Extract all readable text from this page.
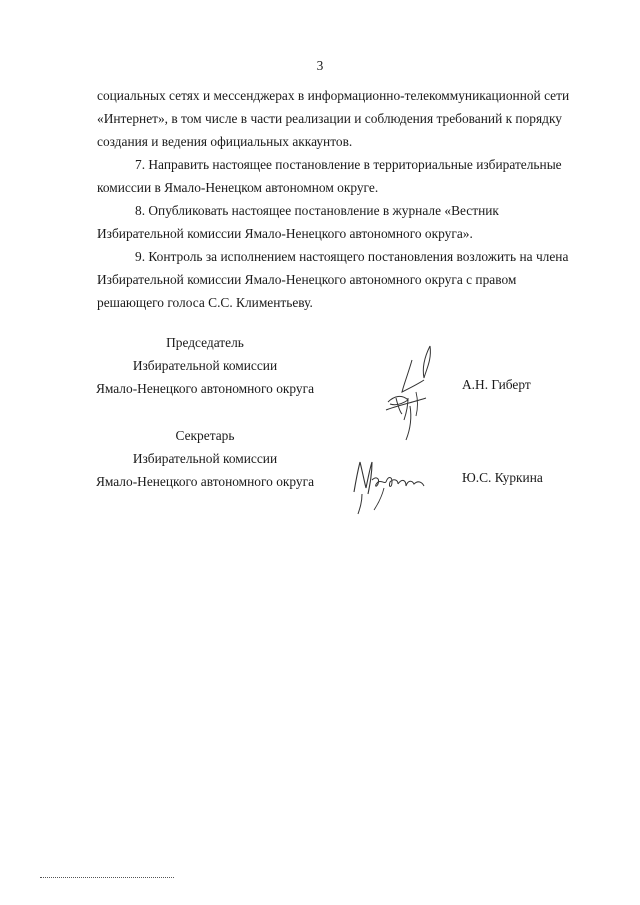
3

социальных сетях и мессенджерах в информационно-телекоммуникационной сети

«Интернет», в том числе в части реализации и соблюдения требований к порядку

создания и ведения официальных аккаунтов.

7. Направить настоящее постановление в территориальные избирательные

комиссии в Ямало-Ненецком автономном округе.

8. Опубликовать настоящее постановление в журнале «Вестник

Избирательной комиссии Ямало-Ненецкого автономного округа».

9. Контроль за исполнением настоящего постановления возложить на члена

Избирательной комиссии Ямало-Ненецкого автономного округа с правом

решающего голоса С.С. Климентьеву.

Председатель
Избирательной комиссии
Ямало-Ненецкого автономного округа	А.Н. Гиберт
Секретарь
Избирательной комиссии
Ямало-Ненецкого автономного округа	Ю.С. Куркина
